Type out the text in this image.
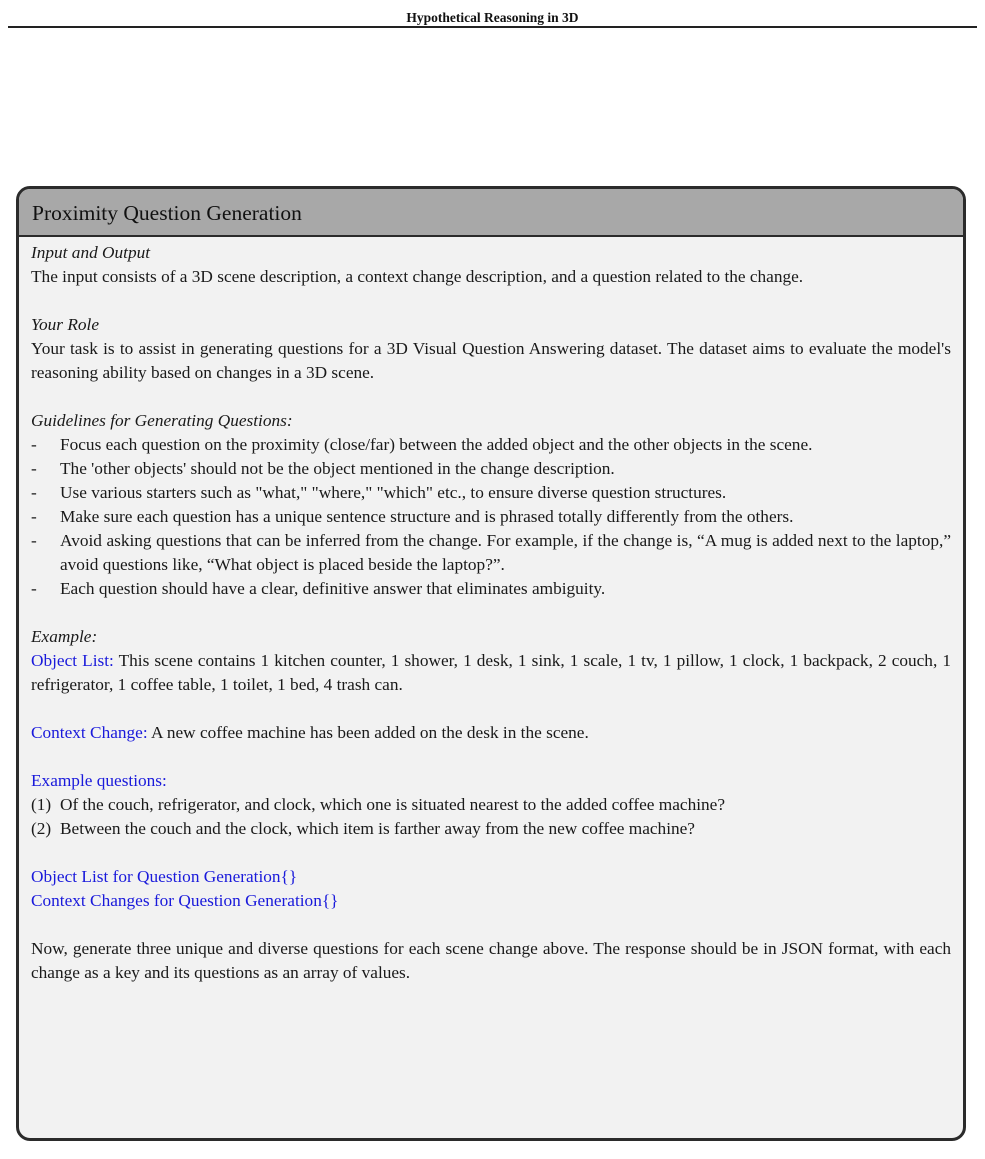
Hypothetical Reasoning in 3D
Proximity Question Generation
Input and Output

The input consists of a 3D scene description, a context change description, and a question related to the change.

Your Role

Your task is to assist in generating questions for a 3D Visual Question Answering dataset. The dataset aims to evaluate the model's reasoning ability based on changes in a 3D scene.

Guidelines for Generating Questions:
- Focus each question on the proximity (close/far) between the added object and the other objects in the scene.
- The 'other objects' should not be the object mentioned in the change description.
- Use various starters such as "what," "where," "which" etc., to ensure diverse question structures.
- Make sure each question has a unique sentence structure and is phrased totally differently from the others.
- Avoid asking questions that can be inferred from the change. For example, if the change is, “A mug is added next to the laptop,” avoid questions like, “What object is placed beside the laptop?”.
- Each question should have a clear, definitive answer that eliminates ambiguity.
Example:

Object List: This scene contains 1 kitchen counter, 1 shower, 1 desk, 1 sink, 1 scale, 1 tv, 1 pillow, 1 clock, 1 backpack, 2 couch, 1 refrigerator, 1 coffee table, 1 toilet, 1 bed, 4 trash can.

Context Change: A new coffee machine has been added on the desk in the scene.

Example questions:
(1) Of the couch, refrigerator, and clock, which one is situated nearest to the added coffee machine?
(2) Between the couch and the clock, which item is farther away from the new coffee machine?
Object List for Question Generation{}
Context Changes for Question Generation{}

Now, generate three unique and diverse questions for each scene change above. The response should be in JSON format, with each change as a key and its questions as an array of values.
